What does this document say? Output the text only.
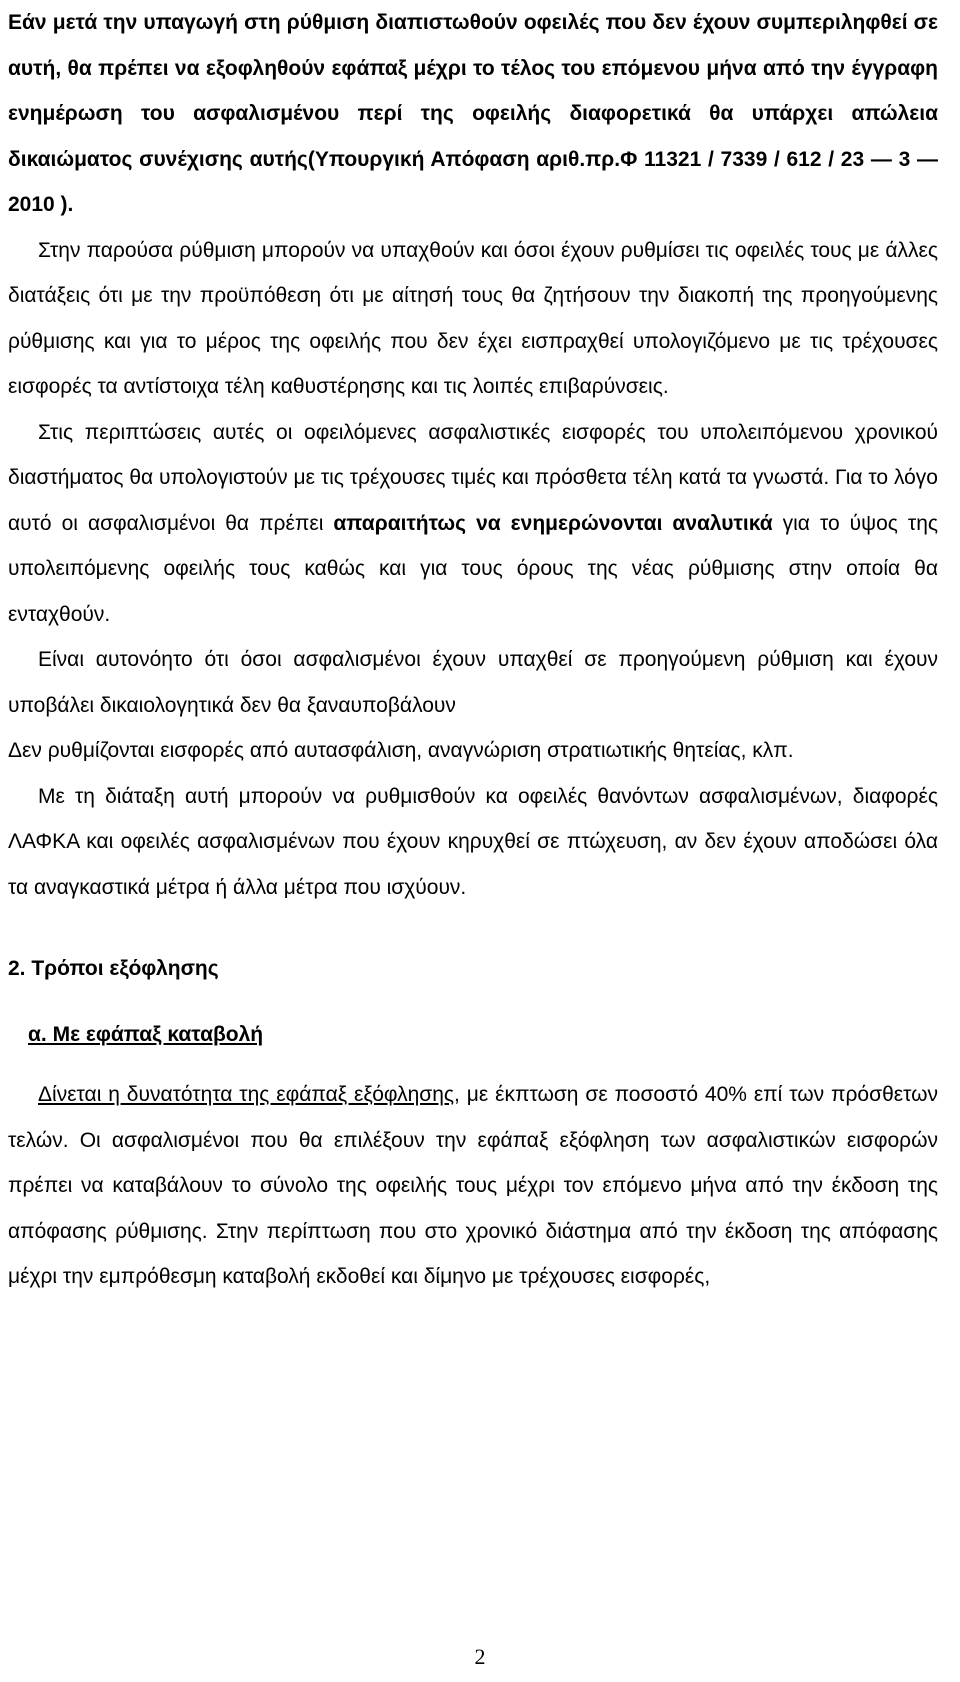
Εάν μετά την υπαγωγή στη ρύθμιση διαπιστωθούν οφειλές που δεν έχουν συμπεριληφθεί σε αυτή, θα πρέπει να εξοφληθούν εφάπαξ μέχρι το τέλος του επόμενου μήνα από την έγγραφη ενημέρωση του ασφαλισμένου περί της οφειλής διαφορετικά θα υπάρχει απώλεια δικαιώματος συνέχισης αυτής(Υπουργική Απόφαση αριθ.πρ.Φ 11321 / 7339 / 612 / 23 — 3 — 2010 ).

Στην παρούσα ρύθμιση μπορούν να υπαχθούν και όσοι έχουν ρυθμίσει τις οφειλές τους με άλλες διατάξεις ότι με την προϋπόθεση ότι με αίτησή τους θα ζητήσουν την διακοπή της προηγούμενης ρύθμισης και για το μέρος της οφειλής που δεν έχει εισπραχθεί υπολογιζόμενο με τις τρέχουσες εισφορές τα αντίστοιχα τέλη καθυστέρησης και τις λοιπές επιβαρύνσεις.

Στις περιπτώσεις αυτές οι οφειλόμενες ασφαλιστικές εισφορές του υπολειπόμενου χρονικού διαστήματος θα υπολογιστούν με τις τρέχουσες τιμές και πρόσθετα τέλη κατά τα γνωστά. Για το λόγο αυτό οι ασφαλισμένοι θα πρέπει απαραιτήτως να ενημερώνονται αναλυτικά για το ύψος της υπολειπόμενης οφειλής τους καθώς και για τους όρους της νέας ρύθμισης στην οποία θα ενταχθούν.

Είναι αυτονόητο ότι όσοι ασφαλισμένοι έχουν υπαχθεί σε προηγούμενη ρύθμιση και έχουν υποβάλει δικαιολογητικά δεν θα ξαναυποβάλουν

Δεν ρυθμίζονται εισφορές από αυτασφάλιση, αναγνώριση στρατιωτικής θητείας, κλπ.

Με τη διάταξη αυτή μπορούν να ρυθμισθούν κα οφειλές θανόντων ασφαλισμένων, διαφορές ΛΑΦΚΑ και οφειλές ασφαλισμένων που έχουν κηρυχθεί σε πτώχευση, αν δεν έχουν αποδώσει όλα τα αναγκαστικά μέτρα ή άλλα μέτρα που ισχύουν.

2. Τρόποι εξόφλησης

α. Με εφάπαξ καταβολή

Δίνεται η δυνατότητα της εφάπαξ εξόφλησης, με έκπτωση σε ποσοστό 40% επί των πρόσθετων τελών. Οι ασφαλισμένοι που θα επιλέξουν την εφάπαξ εξόφληση των ασφαλιστικών εισφορών πρέπει να καταβάλουν το σύνολο της οφειλής τους μέχρι τον επόμενο μήνα από την έκδοση της απόφασης ρύθμισης. Στην περίπτωση που στο χρονικό διάστημα από την έκδοση της απόφασης μέχρι την εμπρόθεσμη καταβολή εκδοθεί και δίμηνο με τρέχουσες εισφορές,

2
